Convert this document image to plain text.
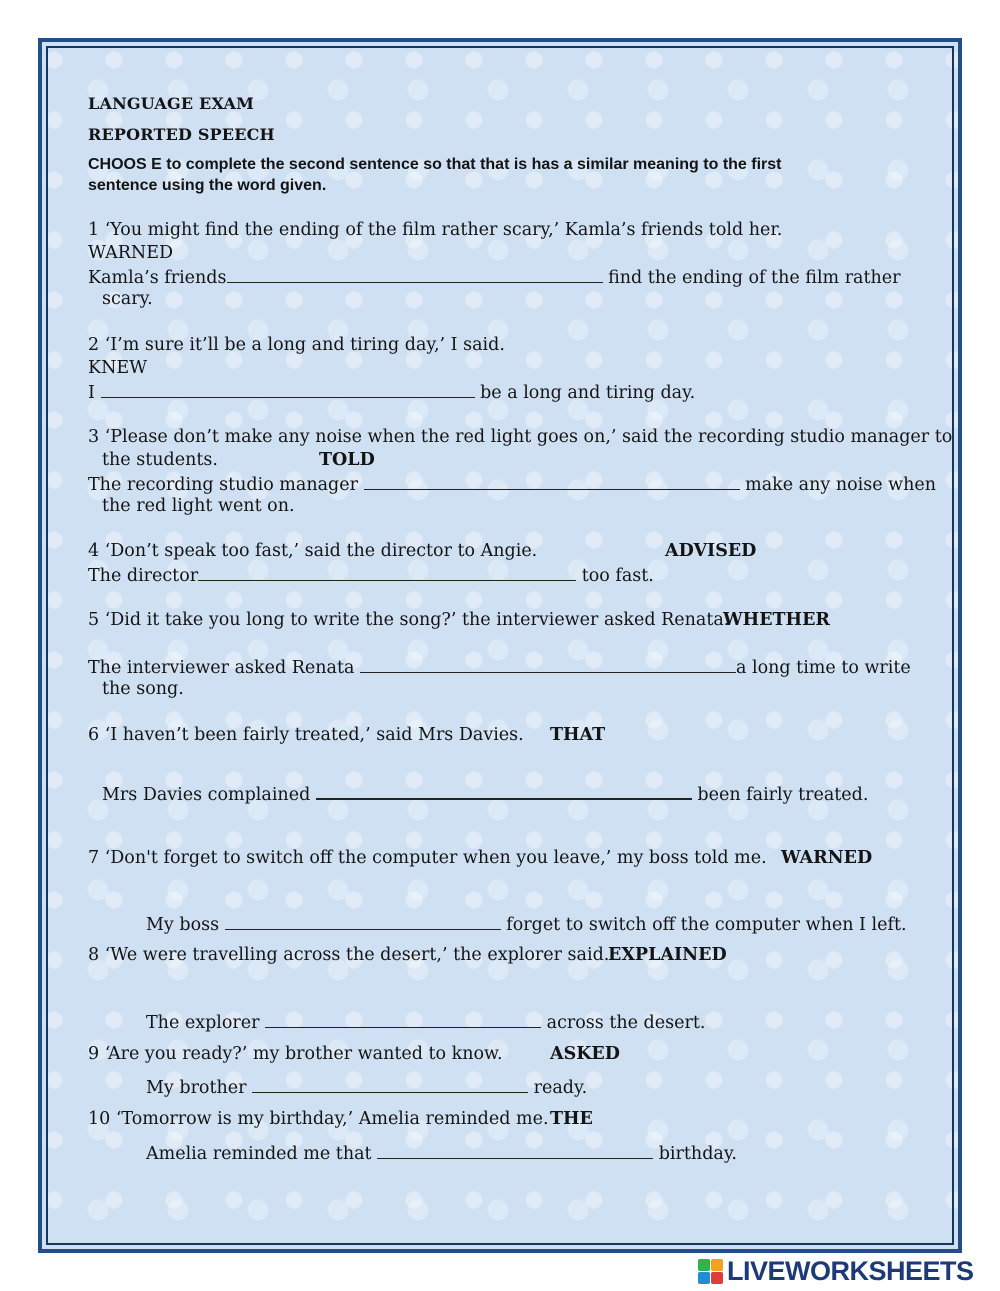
LANGUAGE EXAM
REPORTED SPEECH
CHOOS E to complete the second sentence so that that is has a similar meaning to the first
sentence using the word given.
1 ‘You might find the ending of the film rather scary,’ Kamla’s friends told her.
WARNED
Kamla’s friends	find the ending of the film rather
scary.
2 ‘I’m sure it’ll be a long and tiring day,’ I said.
KNEW
I	be a long and tiring day.
3 ‘Please don’t make any noise when the red light goes on,’ said the recording studio manager to
the students.	TOLD
The recording studio manager	make any noise when
the red light went on.
4 ‘Don’t speak too fast,’ said the director to Angie.	ADVISED
The director	too fast.
5 ‘Did it take you long to write the song?’ the interviewer asked Renata.
WHETHER
The interviewer asked Renata	a long time to write
the song.
6 ‘I haven’t been fairly treated,’ said Mrs Davies. THAT
Mrs Davies complained	been fairly treated.
7 ‘Don't forget to switch off the computer when you leave,’ my boss told me. WARNED
My boss	forget to switch off the computer when I left.
8 ‘We were travelling across the desert,’ the explorer said.
EXPLAINED
The explorer	across the desert.
9 ‘Are you ready?’ my brother wanted to know.	ASKED
My brother	ready.
10 ‘Tomorrow is my birthday,’ Amelia reminded me. THE
Amelia reminded me that	birthday.
LIVEWORKSHEETS
